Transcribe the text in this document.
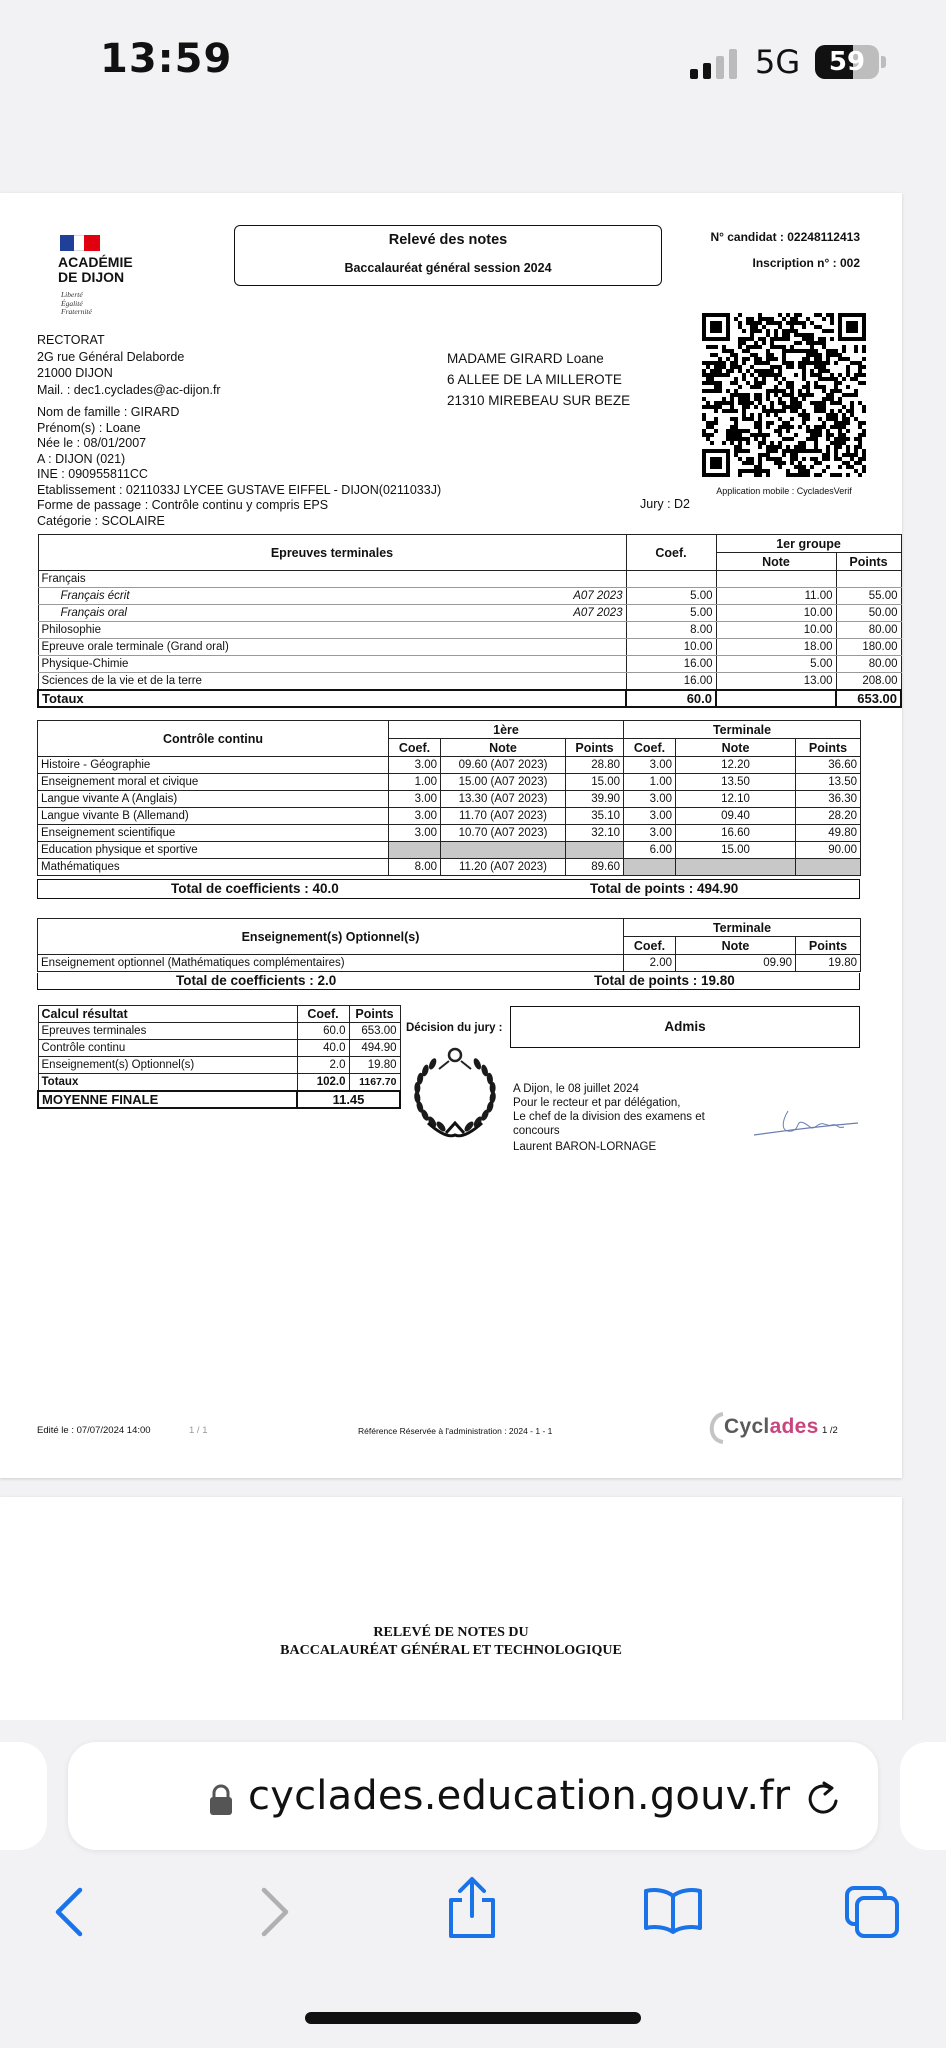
13:59	5G	59
ACADÉMIE
DE DIJON
Liberté
Égalité
Fraternité
Relevé des notes
Baccalauréat général session 2024
N° candidat : 02248112413
Inscription n° : 002
Application mobile : CycladesVerif
RECTORAT
2G rue Général Delaborde
21000 DIJON
Mail. : dec1.cyclades@ac-dijon.fr
MADAME GIRARD Loane
6 ALLEE DE LA MILLEROTE
21310 MIREBEAU SUR BEZE
Nom de famille : GIRARD
Prénom(s) : Loane
Née le : 08/01/2007
A : DIJON (021)
INE : 090955811CC
Etablissement : 0211033J LYCEE GUSTAVE EIFFEL - DIJON(0211033J)
Forme de passage : Contrôle continu y compris EPS
Catégorie : SCOLAIRE
Jury : D2
Epreuves terminales	Coef.	1er groupe	
		Note	Points
Français

Français écrit A07 2023	5.00	11.00	55.00
Français oral A07 2023	5.00	10.00	50.00
Philosophie	8.00	10.00	80.00
Epreuve orale terminale (Grand oral)	10.00	18.00	180.00
Physique-Chimie	16.00	5.00	80.00
Sciences de la vie et de la terre	16.00	13.00	208.00
Totaux	60.0		653.00
Contrôle continu	1ère			Terminale		
	Coef.	Note	Points	Coef.	Note	Points
Histoire - Géographie	3.00	09.60 (A07 2023)	28.80	3.00	12.20	36.60
Enseignement moral et civique	1.00	15.00 (A07 2023)	15.00	1.00	13.50	13.50
Langue vivante A (Anglais)	3.00	13.30 (A07 2023)	39.90	3.00	12.10	36.30
Langue vivante B (Allemand)	3.00	11.70 (A07 2023)	35.10	3.00	09.40	28.20
Enseignement scientifique	3.00	10.70 (A07 2023)	32.10	3.00	16.60	49.80
Education physique et sportive				6.00	15.00	90.00
Mathématiques	8.00	11.20 (A07 2023)	89.60			
Total de coefficients : 40.0	Total de points : 494.90
Enseignement(s) Optionnel(s)	Terminale		
	Coef.	Note	Points
Enseignement optionnel (Mathématiques complémentaires)	2.00	09.90	19.80
Total de coefficients : 2.0	Total de points : 19.80
Calcul résultat	Coef.	Points
Epreuves terminales	60.0	653.00
Contrôle continu	40.0	494.90
Enseignement(s) Optionnel(s)	2.0	19.80
Totaux	102.0	1167.70
MOYENNE FINALE	11.45	
Décision du jury :	Admis
A Dijon, le 08 juillet 2024
Pour le recteur et par délégation,
Le chef de la division des examens et
concours
Laurent BARON-LORNAGE
Edité le : 07/07/2024 14:00	1 / 1	Référence Réservée à l'administration : 2024 - 1 - 1	Cyclades 1 /2
RELEVÉ DE NOTES DU
BACCALAURÉAT GÉNÉRAL ET TECHNOLOGIQUE
cyclades.education.gouv.fr
